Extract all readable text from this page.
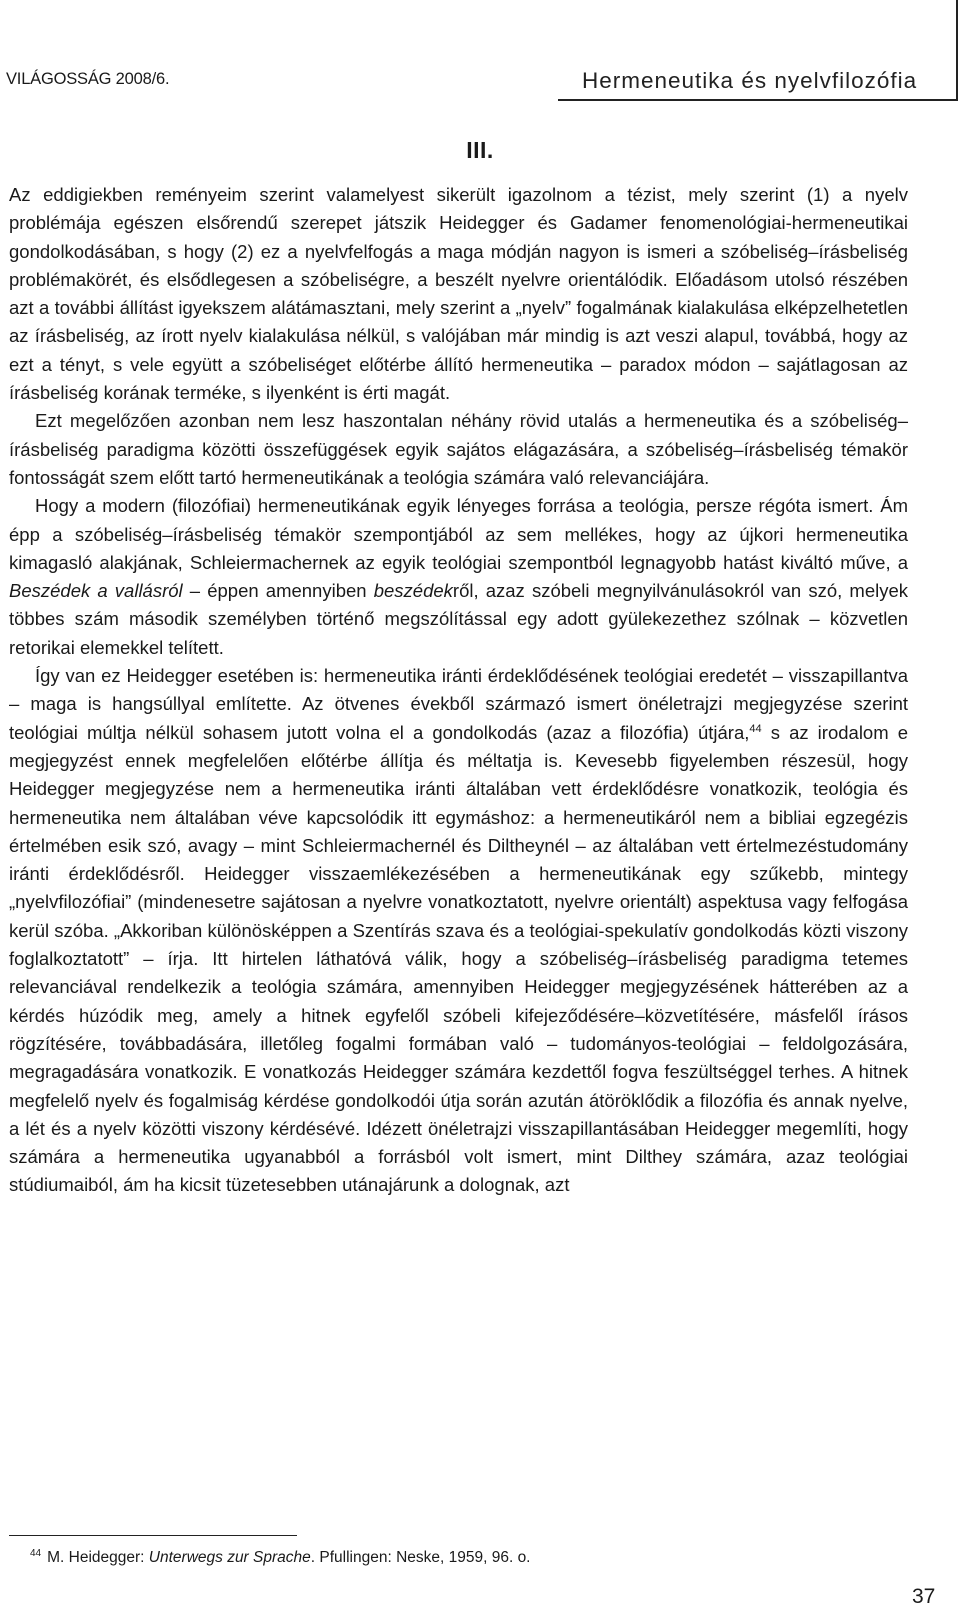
VILÁGOSSÁG 2008/6.	Hermeneutika és nyelvfilozófia
III.

Az eddigiekben reményeim szerint valamelyest sikerült igazolnom a tézist, mely szerint (1) a nyelv problémája egészen elsőrendű szerepet játszik Heidegger és Gadamer fenomenológiai-hermeneutikai gondolkodásában, s hogy (2) ez a nyelvfelfogás a maga módján nagyon is ismeri a szóbeliség–írásbeliség problémakörét, és elsődlegesen a szóbeliségre, a beszélt nyelvre orientálódik. Előadásom utolsó részében azt a további állítást igyekszem alátámasztani, mely szerint a „nyelv” fogalmának kialakulása elképzelhetetlen az írásbeliség, az írott nyelv kialakulása nélkül, s valójában már mindig is azt veszi alapul, továbbá, hogy az ezt a tényt, s vele együtt a szóbeliséget előtérbe állító hermeneutika – paradox módon – sajátlagosan az írásbeliség korának terméke, s ilyenként is érti magát.

Ezt megelőzően azonban nem lesz haszontalan néhány rövid utalás a hermeneutika és a szóbeliség–írásbeliség paradigma közötti összefüggések egyik sajátos elágazására, a szóbeliség–írásbeliség témakör fontosságát szem előtt tartó hermeneutikának a teológia számára való relevanciájára.

Hogy a modern (filozófiai) hermeneutikának egyik lényeges forrása a teológia, persze régóta ismert. Ám épp a szóbeliség–írásbeliség témakör szempontjából az sem mellékes, hogy az újkori hermeneutika kimagasló alakjának, Schleiermachernek az egyik teológiai szempontból legnagyobb hatást kiváltó műve, a Beszédek a vallásról – éppen amennyiben beszédekről, azaz szóbeli megnyilvánulásokról van szó, melyek többes szám második személyben történő megszólítással egy adott gyülekezethez szólnak – közvetlen retorikai elemekkel telített.

Így van ez Heidegger esetében is: hermeneutika iránti érdeklődésének teológiai eredetét – visszapillantva – maga is hangsúllyal említette. Az ötvenes évekből származó ismert önéletrajzi megjegyzése szerint teológiai múltja nélkül sohasem jutott volna el a gondolkodás (azaz a filozófia) útjára,$^{44}$ s az irodalom e megjegyzést ennek megfelelően előtérbe állítja és méltatja is. Kevesebb figyelemben részesül, hogy Heidegger megjegyzése nem a hermeneutika iránti általában vett érdeklődésre vonatkozik, teológia és hermeneutika nem általában véve kapcsolódik itt egymáshoz: a hermeneutikáról nem a bibliai egzegézis értelmében esik szó, avagy – mint Schleiermachernél és Diltheynél – az általában vett értelmezéstudomány iránti érdeklődésről. Heidegger visszaemlékezésében a hermeneutikának egy szűkebb, mintegy „nyelvfilozófiai” (mindenesetre sajátosan a nyelvre vonatkoztatott, nyelvre orientált) aspektusa vagy felfogása kerül szóba. „Akkoriban különösképpen a Szentírás szava és a teológiai-spekulatív gondolkodás közti viszony foglalkoztatott” – írja. Itt hirtelen láthatóvá válik, hogy a szóbeliség–írásbeliség paradigma tetemes relevanciával rendelkezik a teológia számára, amennyiben Heidegger megjegyzésének hátterében az a kérdés húzódik meg, amely a hitnek egyfelől szóbeli kifejeződésére–közvetítésére, másfelől írásos rögzítésére, továbbadására, illetőleg fogalmi formában való – tudományos-teológiai – feldolgozására, megragadására vonatkozik. E vonatkozás Heidegger számára kezdettől fogva feszültséggel terhes. A hitnek megfelelő nyelv és fogalmiság kérdése gondolkodói útja során azután átöröklődik a filozófia és annak nyelve, a lét és a nyelv közötti viszony kérdésévé. Idézett önéletrajzi visszapillantásában Heidegger megemlíti, hogy számára a hermeneutika ugyanabból a forrásból volt ismert, mint Dilthey számára, azaz teológiai stúdiumaiból, ám ha kicsit tüzetesebben utánajárunk a dolognak, azt

$^{44}$ M. Heidegger: Unterwegs zur Sprache. Pfullingen: Neske, 1959, 96. o.
37
